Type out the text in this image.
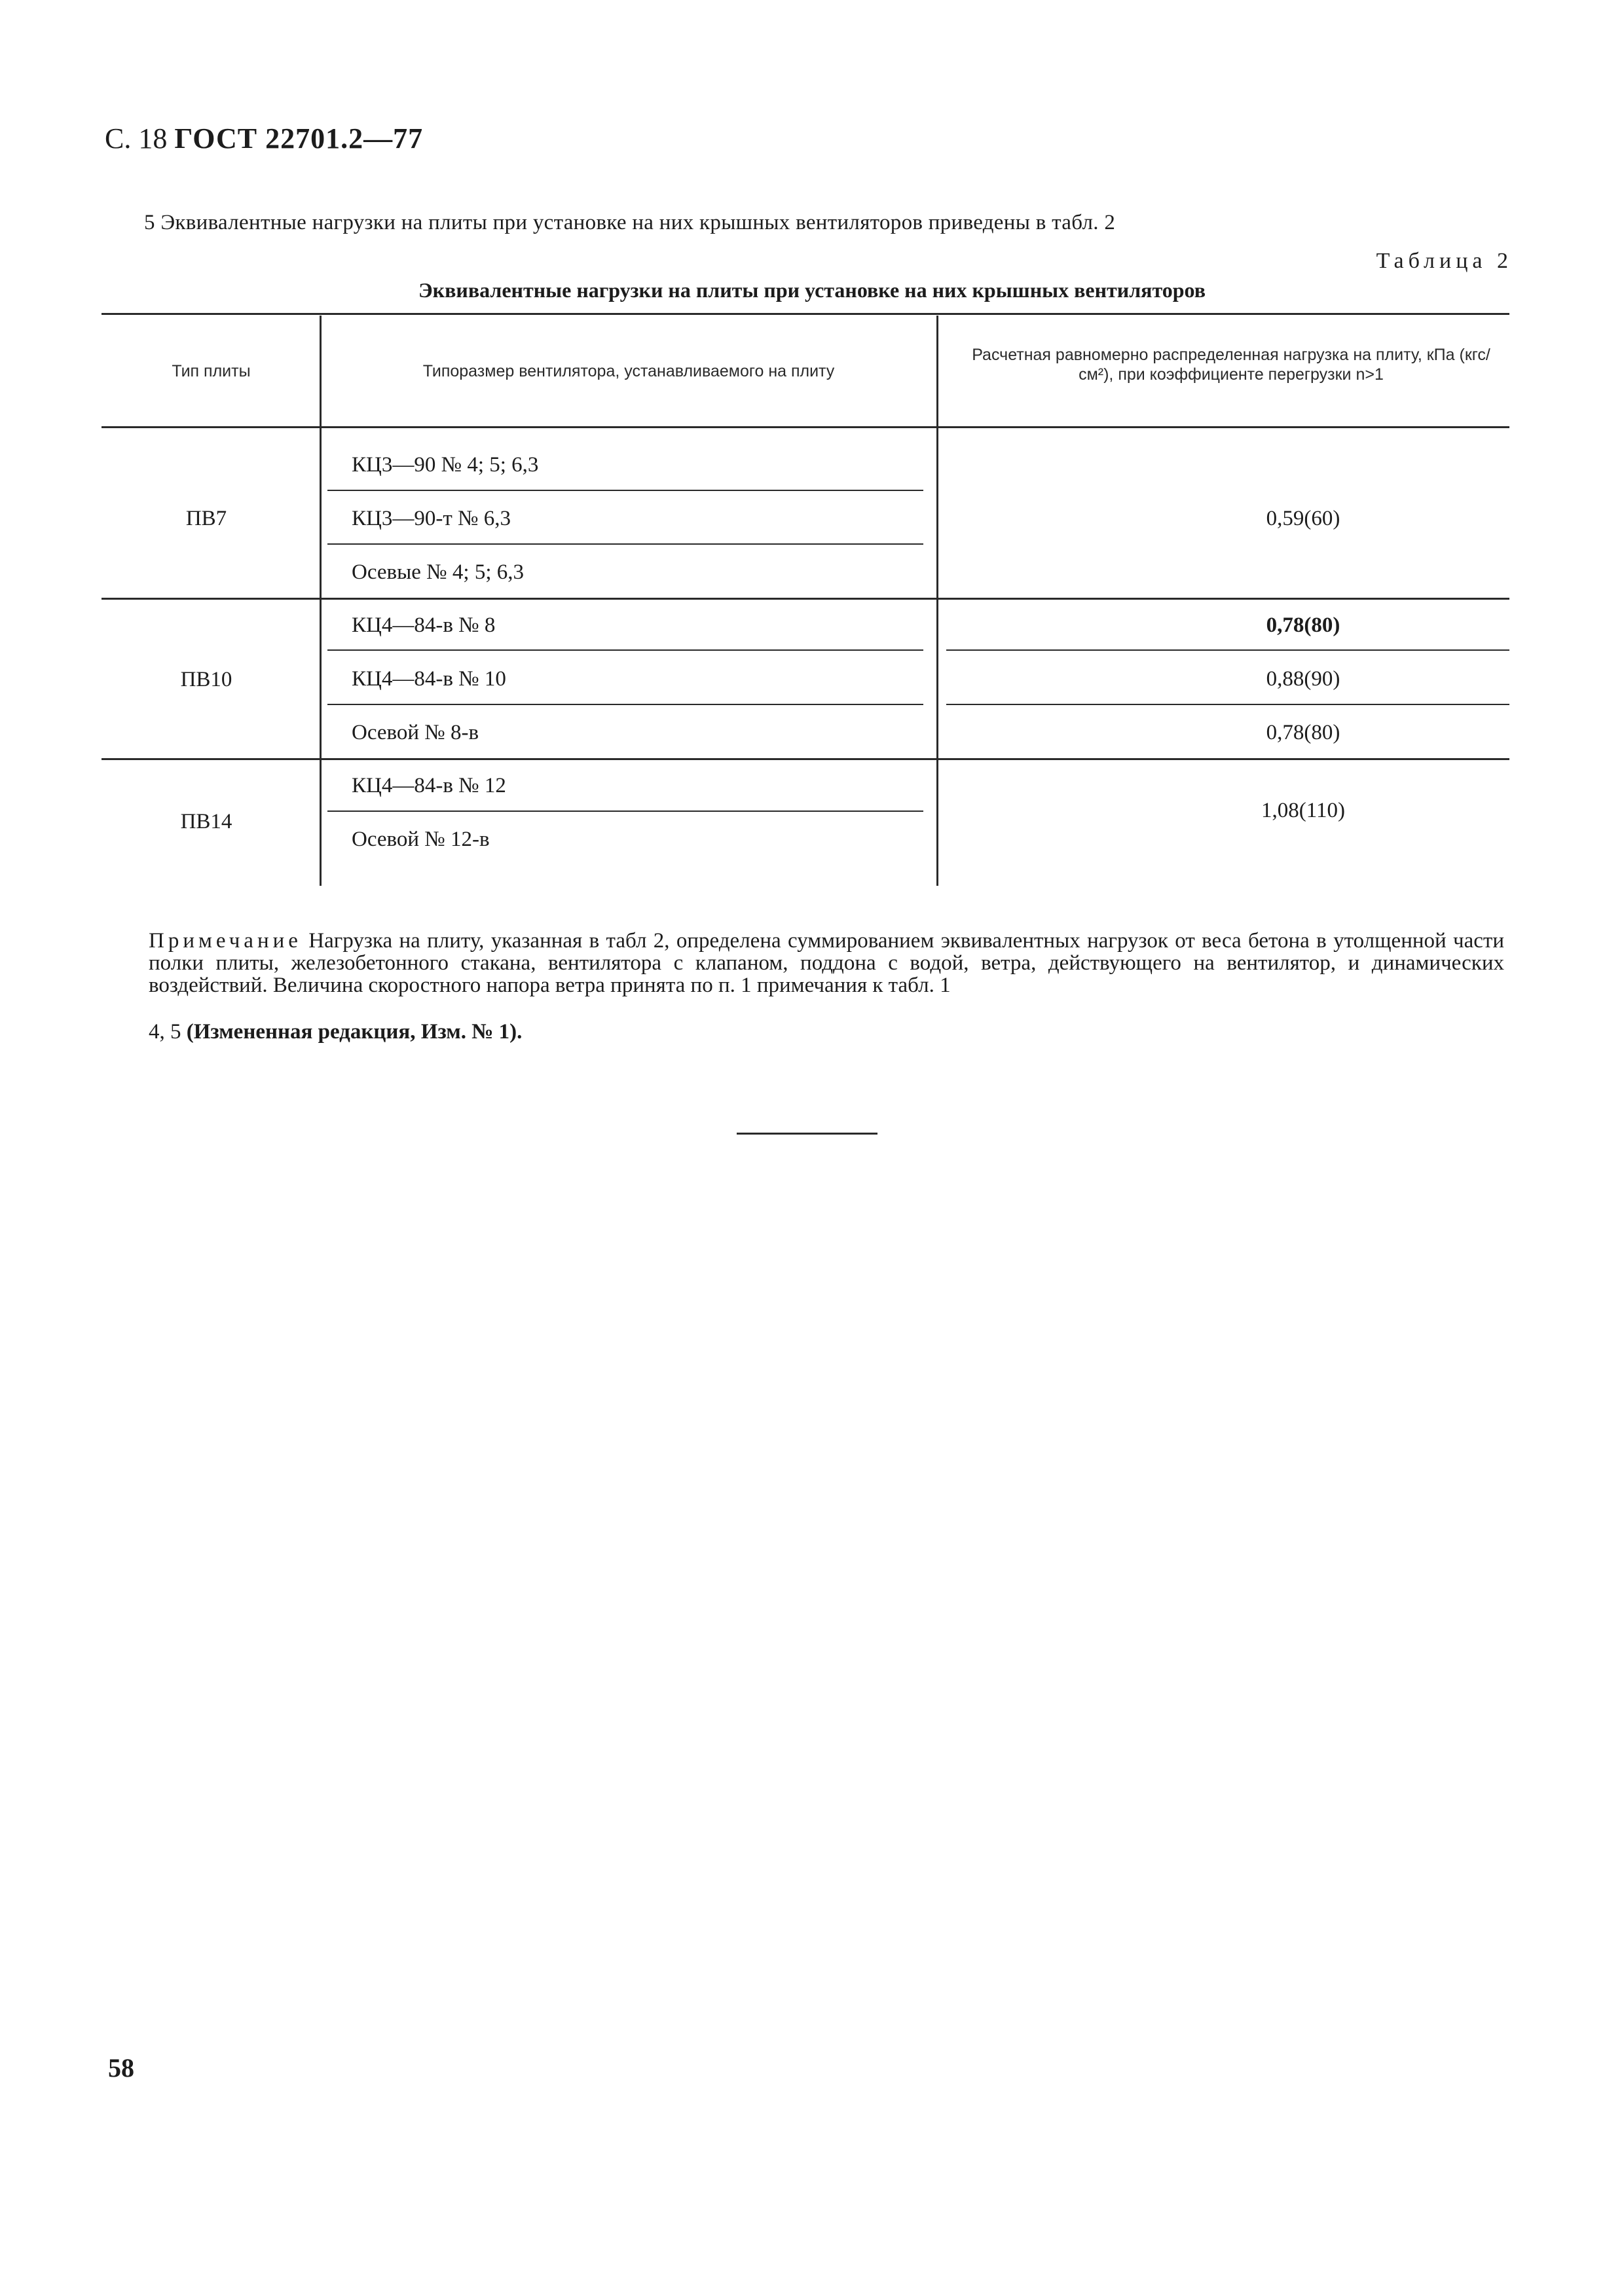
С. 18 ГОСТ 22701.2—77
5 Эквивалентные нагрузки на плиты при установке на них крышных вентиляторов приведены в табл. 2
Таблица 2
Эквивалентные нагрузки на плиты при установке на них крышных вентиляторов
Тип плиты	Типоразмер вентилятора, устанавливаемого на плиту
Расчетная равномерно распределенная нагрузка на плиту, кПа (кгс/см²), при коэффициенте перегрузки n>1
ПВ7
КЦ3—90 № 4; 5; 6,3
КЦ3—90-т № 6,3
Осевые № 4; 5; 6,3
0,59(60)
ПВ10
КЦ4—84-в № 8
КЦ4—84-в № 10
Осевой № 8-в
0,78(80)
0,88(90)
0,78(80)
ПВ14
КЦ4—84-в № 12
Осевой № 12-в
1,08(110)
Примечание Нагрузка на плиту, указанная в табл 2, определена суммированием эквивалентных нагрузок от веса бетона в утолщенной части полки плиты, железобетонного стакана, вентилятора с клапаном, поддона с водой, ветра, действующего на вентилятор, и динамических воздействий. Величина скоростного напора ветра принята по п. 1 примечания к табл. 1
4, 5 (Измененная редакция, Изм. № 1).
58
